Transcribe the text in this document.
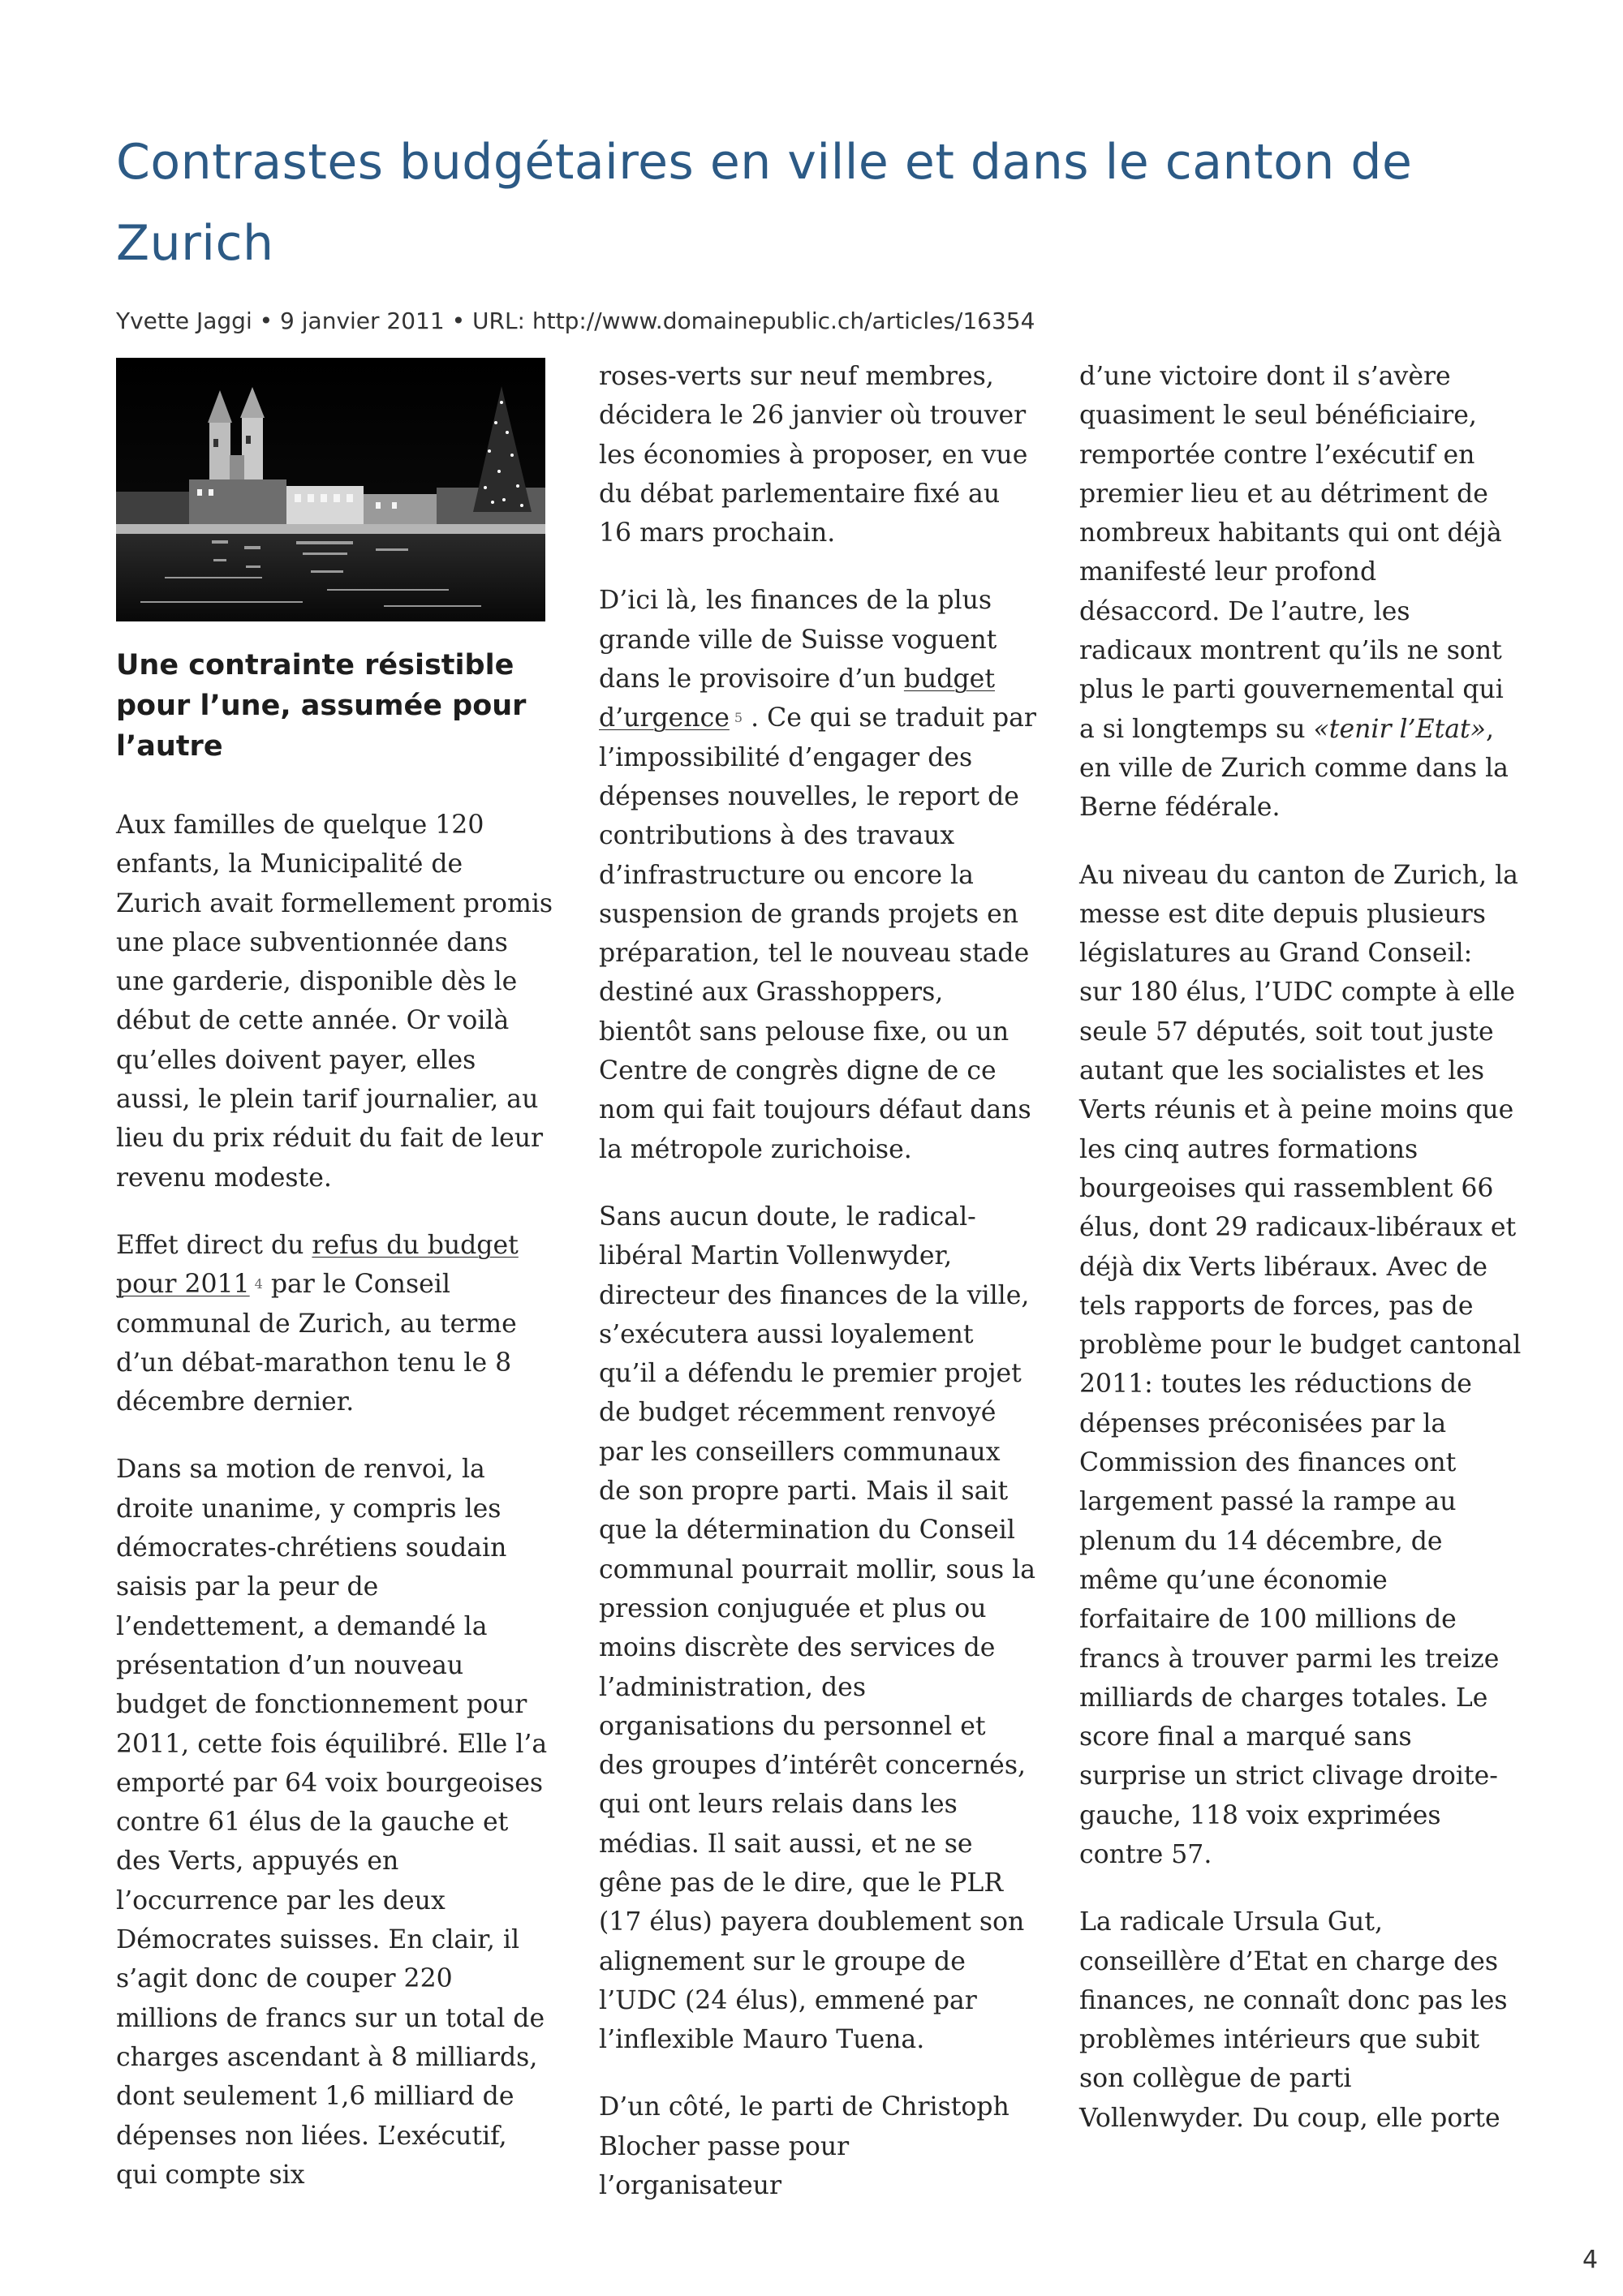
Contrastes budgétaires en ville et dans le canton de Zurich
Yvette Jaggi • 9 janvier 2011 • URL: http://www.domainepublic.ch/articles/16354
Une contrainte résistible pour l’une, assumée pour l’autre

Aux familles de quelque 120 enfants, la Municipalité de Zurich avait formellement promis une place subventionnée dans une garderie, disponible dès le début de cette année. Or voilà qu’elles doivent payer, elles aussi, le plein tarif journalier, au lieu du prix réduit du fait de leur revenu modeste.

Effet direct du refus du budget pour 2011 4 par le Conseil communal de Zurich, au terme d’un débat-marathon tenu le 8 décembre dernier.

Dans sa motion de renvoi, la droite unanime, y compris les démocrates-chrétiens soudain saisis par la peur de l’endettement, a demandé la présentation d’un nouveau budget de fonctionnement pour 2011, cette fois équilibré. Elle l’a emporté par 64 voix bourgeoises contre 61 élus de la gauche et des Verts, appuyés en l’occurrence par les deux Démocrates suisses. En clair, il s’agit donc de couper 220 millions de francs sur un total de charges ascendant à 8 milliards, dont seulement 1,6 milliard de dépenses non liées. L’exécutif, qui compte six

roses-verts sur neuf membres, décidera le 26 janvier où trouver les économies à proposer, en vue du débat parlementaire fixé au 16 mars prochain.

D’ici là, les finances de la plus grande ville de Suisse voguent dans le provisoire d’un budget d’urgence 5 . Ce qui se traduit par l’impossibilité d’engager des dépenses nouvelles, le report de contributions à des travaux d’infrastructure ou encore la suspension de grands projets en préparation, tel le nouveau stade destiné aux Grasshoppers, bientôt sans pelouse fixe, ou un Centre de congrès digne de ce nom qui fait toujours défaut dans la métropole zurichoise.

Sans aucun doute, le radical-libéral Martin Vollenwyder, directeur des finances de la ville, s’exécutera aussi loyalement qu’il a défendu le premier projet de budget récemment renvoyé par les conseillers communaux de son propre parti. Mais il sait que la détermination du Conseil communal pourrait mollir, sous la pression conjuguée et plus ou moins discrète des services de l’administration, des organisations du personnel et des groupes d’intérêt concernés, qui ont leurs relais dans les médias. Il sait aussi, et ne se gêne pas de le dire, que le PLR (17 élus) payera doublement son alignement sur le groupe de l’UDC (24 élus), emmené par l’inflexible Mauro Tuena.

D’un côté, le parti de Christoph Blocher passe pour l’organisateur

d’une victoire dont il s’avère quasiment le seul bénéficiaire, remportée contre l’exécutif en premier lieu et au détriment de nombreux habitants qui ont déjà manifesté leur profond désaccord. De l’autre, les radicaux montrent qu’ils ne sont plus le parti gouvernemental qui a si longtemps su «tenir l’Etat», en ville de Zurich comme dans la Berne fédérale.

Au niveau du canton de Zurich, la messe est dite depuis plusieurs législatures au Grand Conseil: sur 180 élus, l’UDC compte à elle seule 57 députés, soit tout juste autant que les socialistes et les Verts réunis et à peine moins que les cinq autres formations bourgeoises qui rassemblent 66 élus, dont 29 radicaux-libéraux et déjà dix Verts libéraux. Avec de tels rapports de forces, pas de problème pour le budget cantonal 2011: toutes les réductions de dépenses préconisées par la Commission des finances ont largement passé la rampe au plenum du 14 décembre, de même qu’une économie forfaitaire de 100 millions de francs à trouver parmi les treize milliards de charges totales. Le score final a marqué sans surprise un strict clivage droite-gauche, 118 voix exprimées contre 57.

La radicale Ursula Gut, conseillère d’Etat en charge des finances, ne connaît donc pas les problèmes intérieurs que subit son collègue de parti Vollenwyder. Du coup, elle porte

4
